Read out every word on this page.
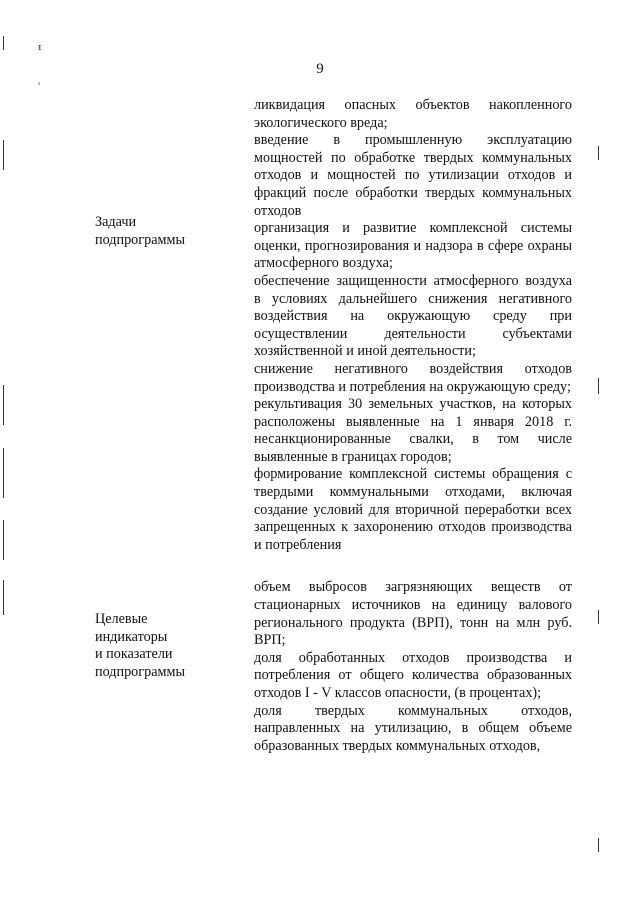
ᵻ
ᶦ
9
Задачи
подпрограммы
Целевые
индикаторы
и показатели
подпрограммы

ликвидация опасных объектов накопленного экологического вреда;

введение в промышленную эксплуатацию мощностей по обработке твердых коммунальных отходов и мощностей по утилизации отходов и фракций после обработки твердых коммунальных отходов

организация и развитие комплексной системы оценки, прогнозирования и надзора в сфере охраны атмосферного воздуха;

обеспечение защищенности атмосферного воздуха в условиях дальнейшего снижения негативного воздействия на окружающую среду при осуществлении деятельности субъектами хозяйственной и иной деятельности;

снижение негативного воздействия отходов производства и потребления на окружающую среду;

рекультивация 30 земельных участков, на которых расположены выявленные на 1 января 2018 г. несанкционированные свалки, в том числе выявленные в границах городов;

формирование комплексной системы обращения с твердыми коммунальными отходами, включая создание условий для вторичной переработки всех запрещенных к захоронению отходов производства и потребления

объем выбросов загрязняющих веществ от стационарных источников на единицу валового регионального продукта (ВРП), тонн на млн руб. ВРП;

доля обработанных отходов производства и потребления от общего количества образованных отходов I - V классов опасности, (в процентах);

доля твердых коммунальных отходов, направленных на утилизацию, в общем объеме образованных твердых коммунальных отходов,
